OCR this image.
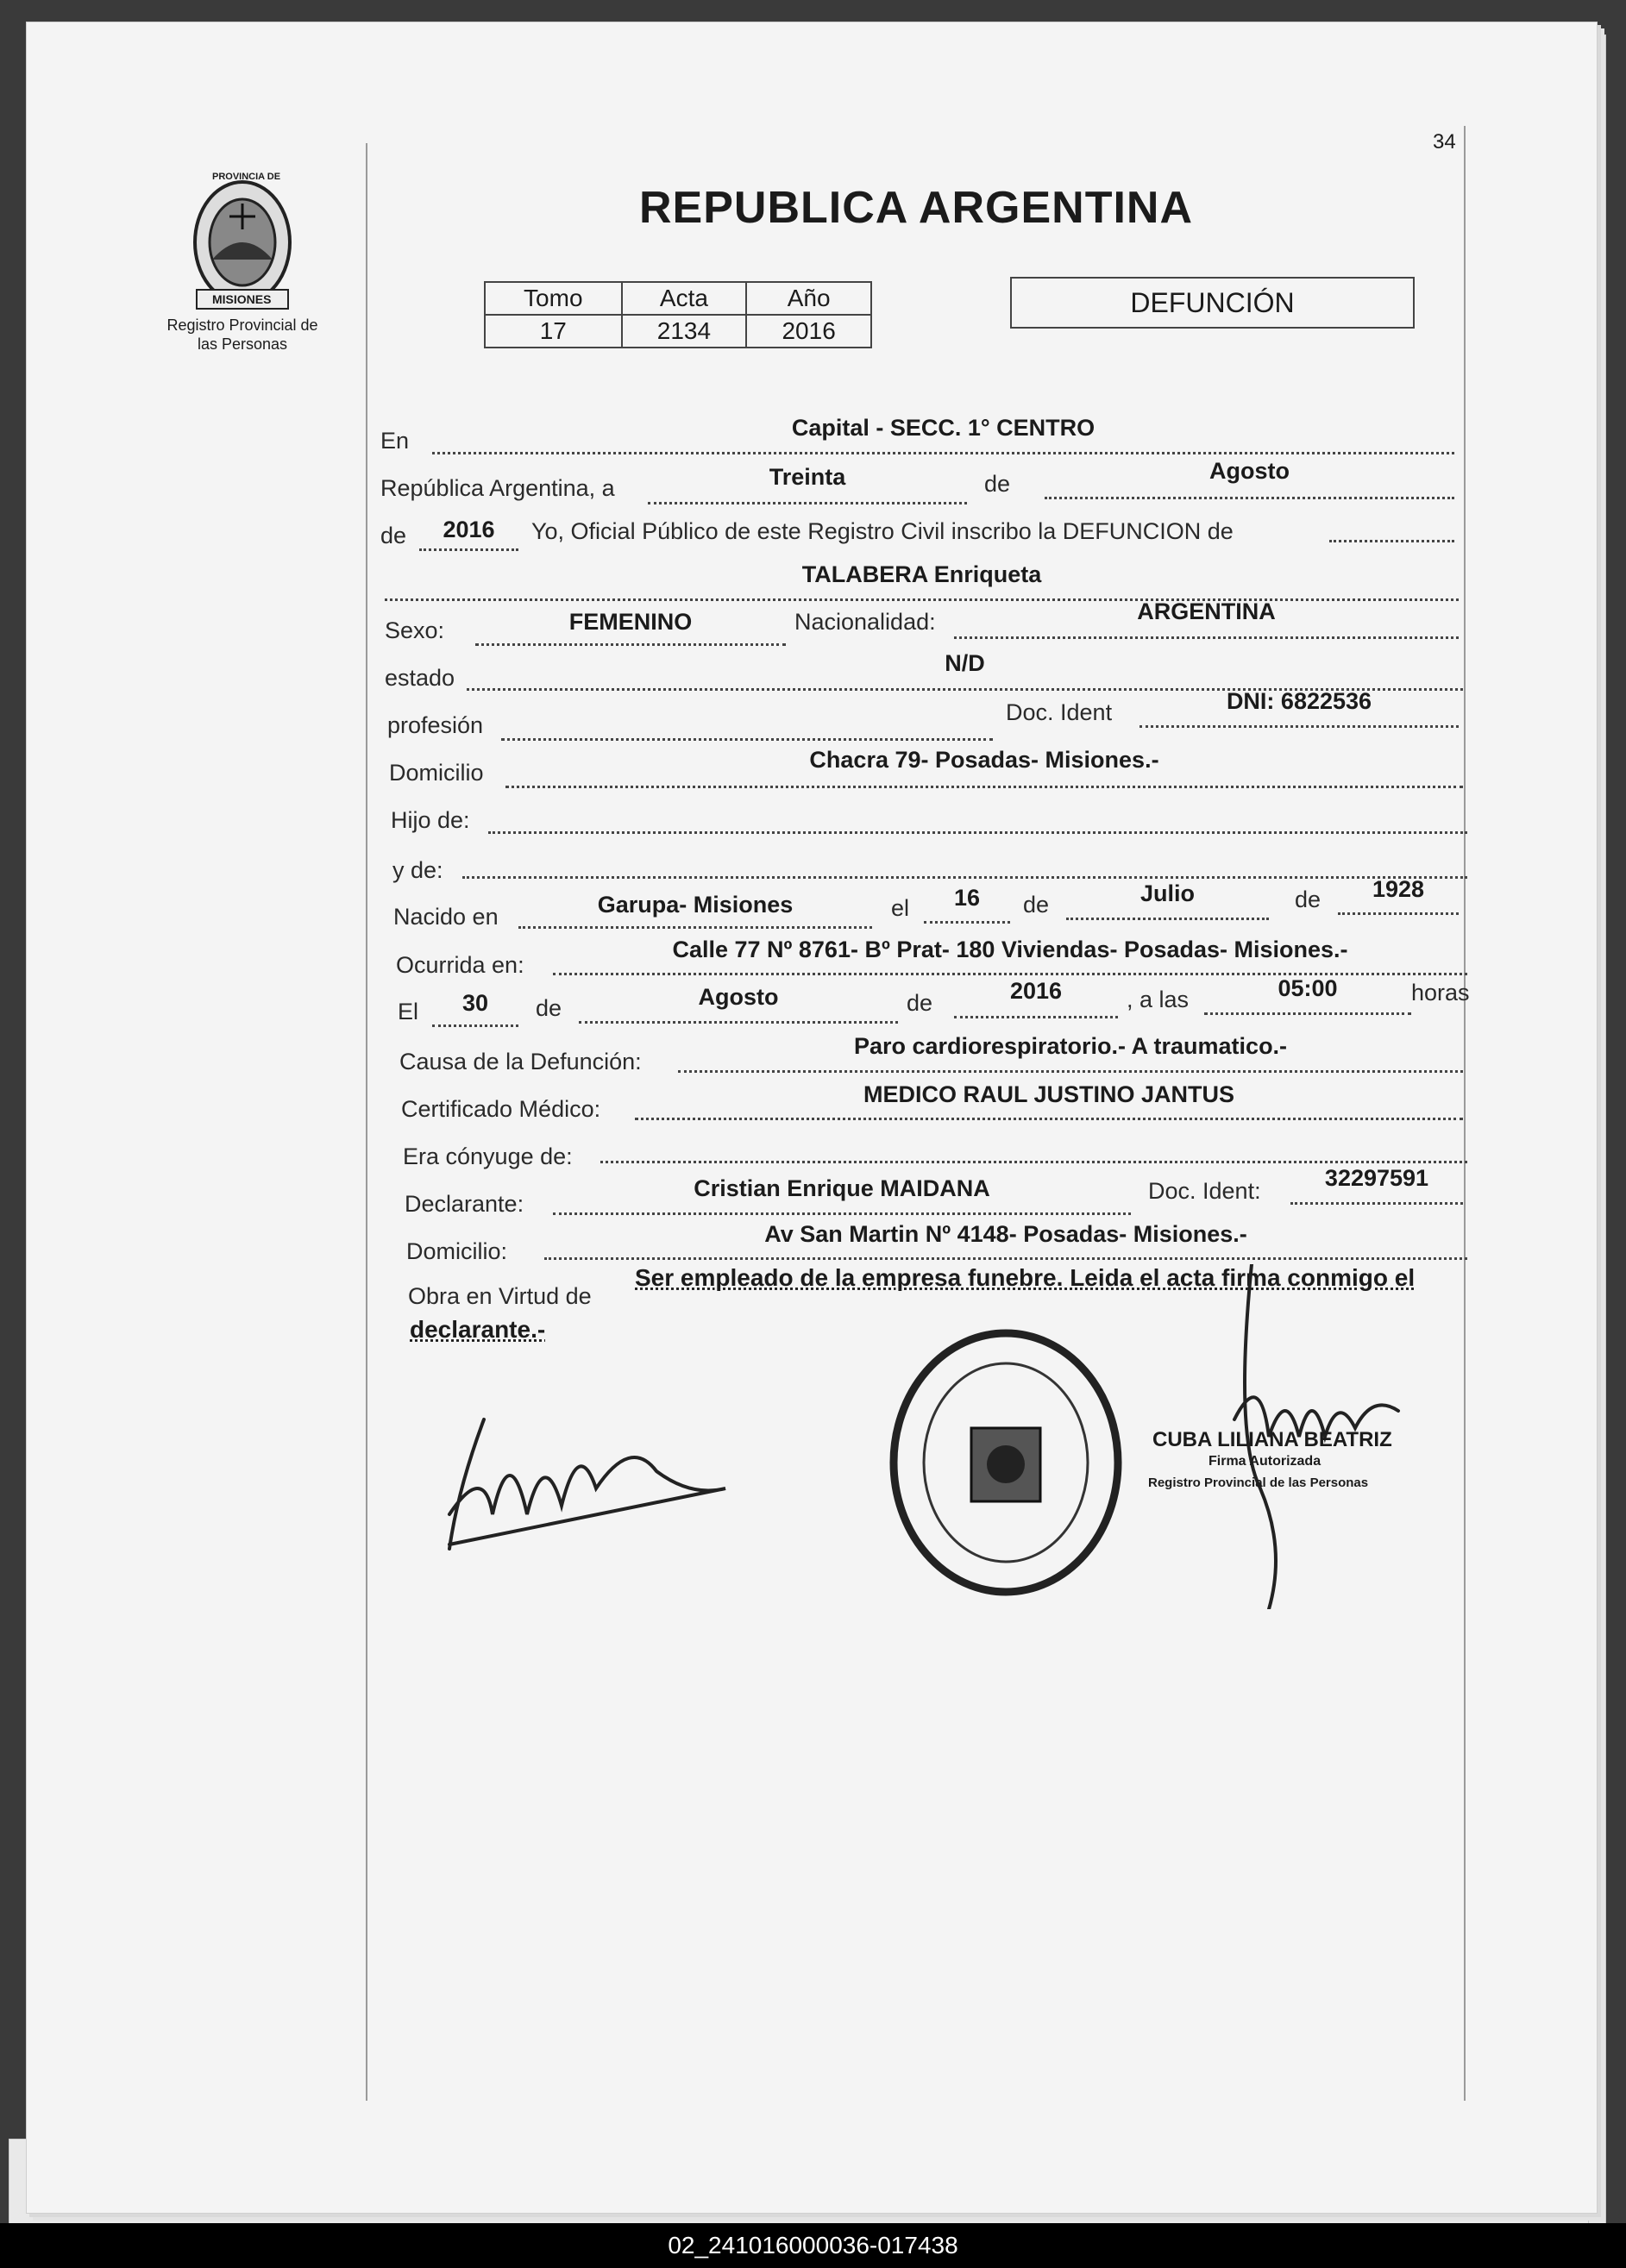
34
PROVINCIA DE
MISIONES
Registro Provincial de
las Personas
REPUBLICA ARGENTINA
Tomo	Acta	Año
17	2134	2016
DEFUNCIÓN
En	Capital - SECC. 1° CENTRO
República Argentina, a	Treinta	de	Agosto
de	2016	Yo, Oficial Público de este Registro Civil inscribo la DEFUNCION de
TALABERA Enriqueta
Sexo:	FEMENINO	Nacionalidad:	ARGENTINA
estado
N/D
profesión	Doc. Ident	DNI: 6822536
Domicilio	Chacra 79- Posadas- Misiones.-
Hijo de:
y de:
Nacido en	Garupa- Misiones	el	16	de	Julio	de	1928
Ocurrida en:
Calle 77 Nº 8761- Bº Prat- 180 Viviendas- Posadas- Misiones.-
El	30	de	Agosto	de	2016	, a las	05:00	horas
Causa de la Defunción:
Paro cardiorespiratorio.- A traumatico.-
Certificado Médico:
MEDICO RAUL JUSTINO JANTUS
Era cónyuge de:
Declarante:
Cristian Enrique MAIDANA	Doc. Ident:	32297591
Domicilio:
Av San Martin Nº 4148- Posadas- Misiones.-
Obra en Virtud de
Ser empleado de la empresa funebre. Leida el acta firma conmigo el
declarante.-
CUBA LILIANA BEATRIZ
Firma Autorizada
Registro Provincial de las Personas
02_241016000036-017438
